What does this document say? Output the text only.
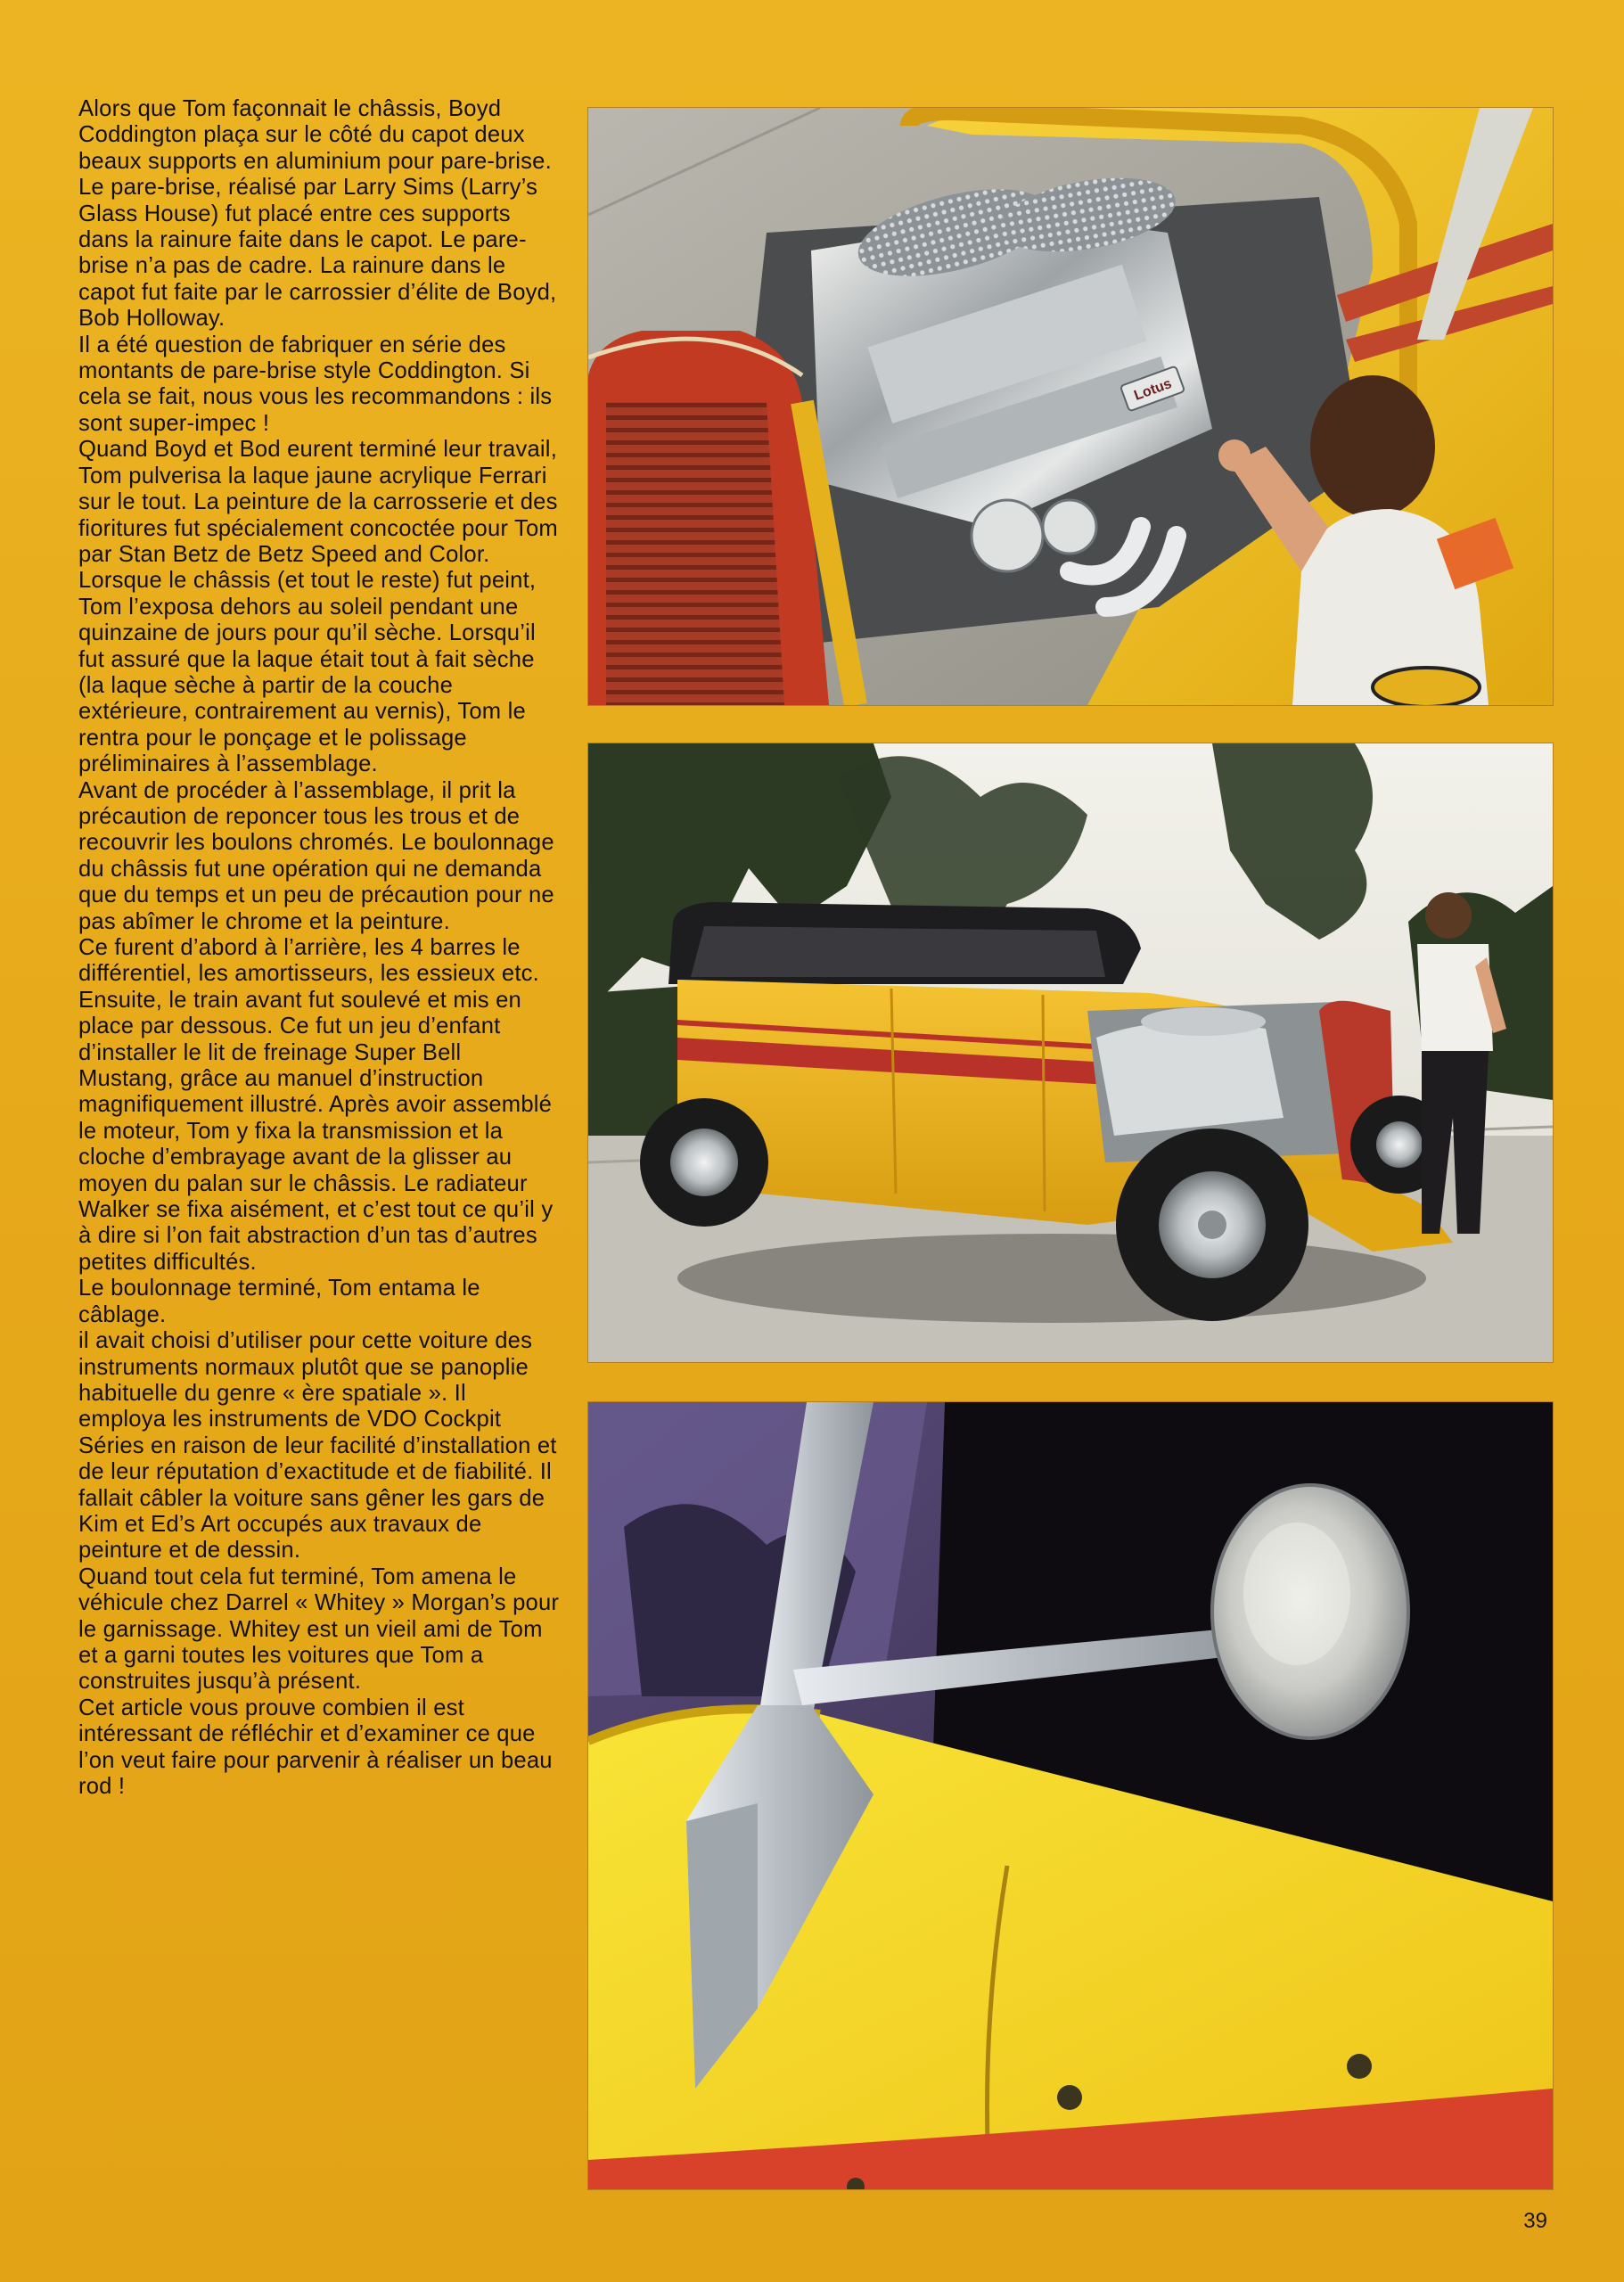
Alors que Tom façonnait le châssis, Boyd Coddington plaça sur le côté du capot deux beaux supports en aluminium pour pare-brise. Le pare-brise, réalisé par Larry Sims (Larry’s Glass House) fut placé entre ces supports dans la rainure faite dans le capot. Le pare-brise n’a pas de cadre. La rainure dans le capot fut faite par le carrossier d’élite de Boyd, Bob Holloway.

Il a été question de fabriquer en série des montants de pare-brise style Coddington. Si cela se fait, nous vous les recommandons : ils sont super-impec !

Quand Boyd et Bod eurent terminé leur travail, Tom pulverisa la laque jaune acrylique Ferrari sur le tout. La peinture de la carrosserie et des fioritures fut spécialement concoctée pour Tom par Stan Betz de Betz Speed and Color.

Lorsque le châssis (et tout le reste) fut peint, Tom l’exposa dehors au soleil pendant une quinzaine de jours pour qu’il sèche. Lorsqu’il fut assuré que la laque était tout à fait sèche (la laque sèche à partir de la couche extérieure, contrairement au vernis), Tom le rentra pour le ponçage et le polissage préliminaires à l’assemblage.

Avant de procéder à l’assemblage, il prit la précaution de reponcer tous les trous et de recouvrir les boulons chromés. Le boulonnage du châssis fut une opération qui ne demanda que du temps et un peu de précaution pour ne pas abîmer le chrome et la peinture.

Ce furent d’abord à l’arrière, les 4 barres le différentiel, les amortisseurs, les essieux etc.

Ensuite, le train avant fut soulevé et mis en place par dessous. Ce fut un jeu d’enfant d’installer le lit de freinage Super Bell Mustang, grâce au manuel d’instruction magnifiquement illustré. Après avoir assemblé le moteur, Tom y fixa la transmission et la cloche d’embrayage avant de la glisser au moyen du palan sur le châssis. Le radiateur Walker se fixa aisément, et c’est tout ce qu’il y à dire si l’on fait abstraction d’un tas d’autres petites difficultés.

Le boulonnage terminé, Tom entama le câblage.

il avait choisi d’utiliser pour cette voiture des instruments normaux plutôt que se panoplie habituelle du genre « ère spatiale ». Il employa les instruments de VDO Cockpit Séries en raison de leur facilité d’installation et de leur réputation d’exactitude et de fiabilité. Il fallait câbler la voiture sans gêner les gars de Kim et Ed’s Art occupés aux travaux de peinture et de dessin.

Quand tout cela fut terminé, Tom amena le véhicule chez Darrel « Whitey » Morgan’s pour le garnissage. Whitey est un vieil ami de Tom et a garni toutes les voitures que Tom a construites jusqu’à présent.

Cet article vous prouve combien il est intéressant de réfléchir et d’examiner ce que l’on veut faire pour parvenir à réaliser un beau rod !

Lotus
39
